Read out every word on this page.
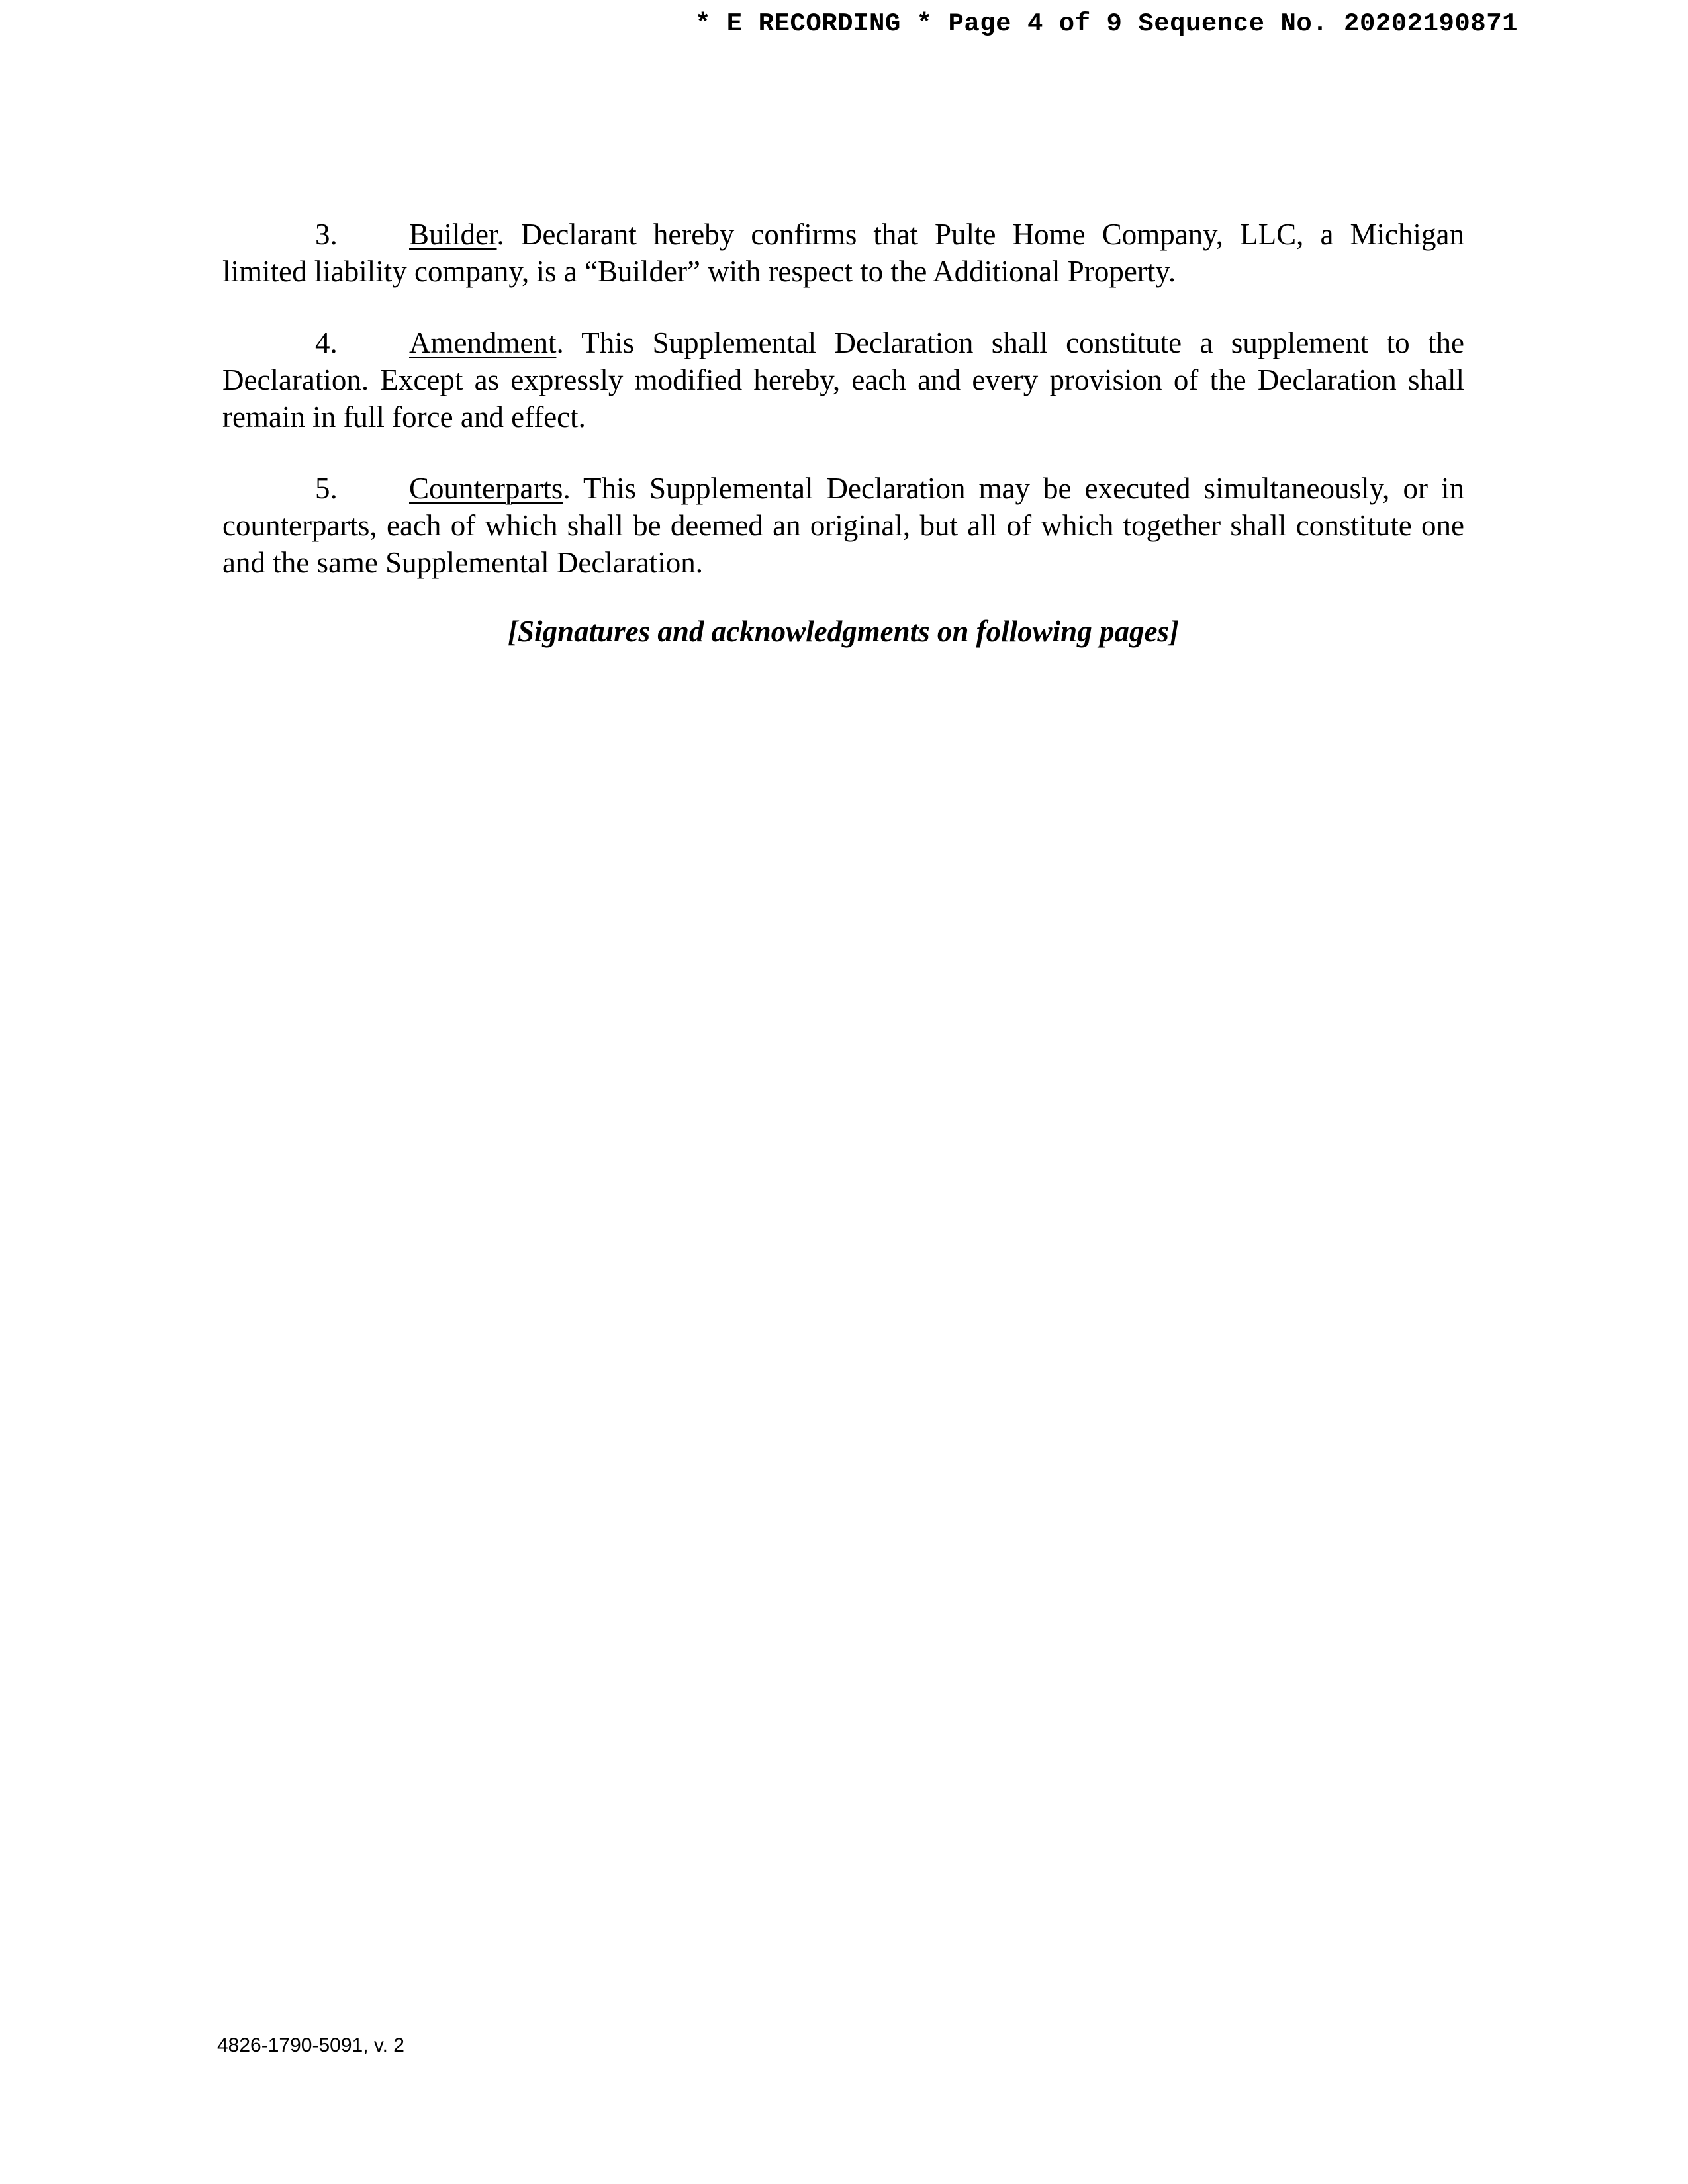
* E RECORDING * Page 4 of 9 Sequence No. 20202190871

3. Builder. Declarant hereby confirms that Pulte Home Company, LLC, a Michigan limited liability company, is a “Builder” with respect to the Additional Property.

4. Amendment. This Supplemental Declaration shall constitute a supplement to the Declaration. Except as expressly modified hereby, each and every provision of the Declaration shall remain in full force and effect.

5. Counterparts. This Supplemental Declaration may be executed simultaneously, or in counterparts, each of which shall be deemed an original, but all of which together shall constitute one and the same Supplemental Declaration.

[Signatures and acknowledgments on following pages]

4826-1790-5091, v. 2
